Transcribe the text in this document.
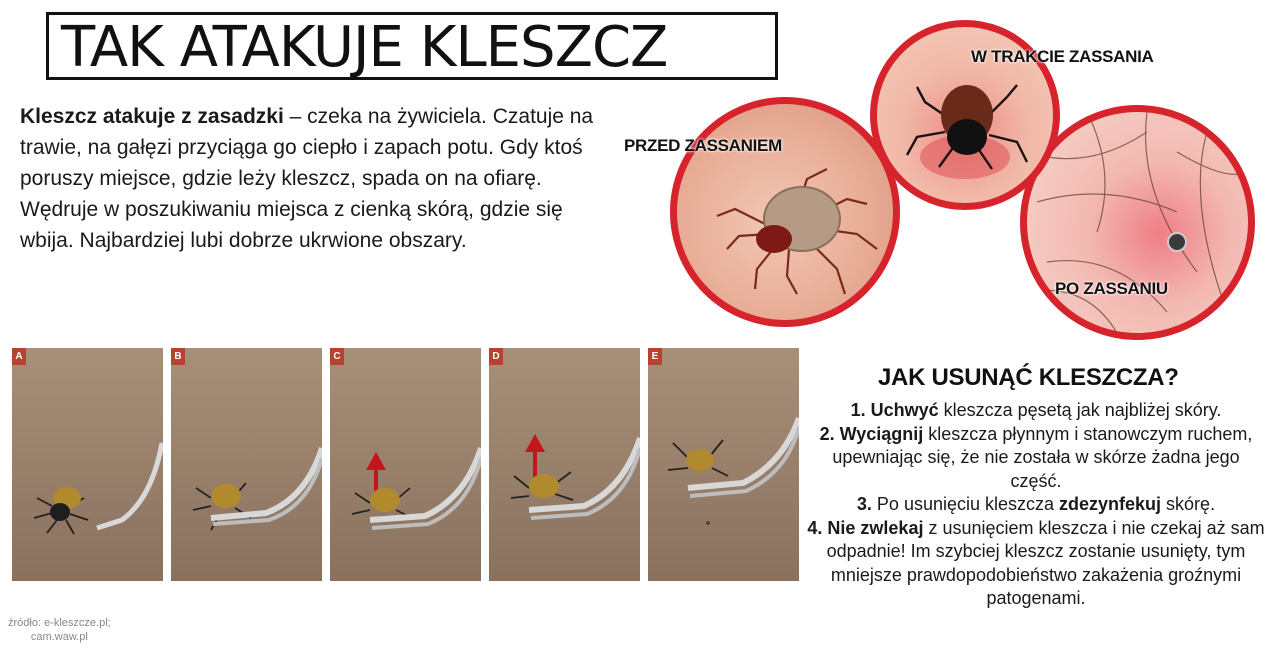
TAK ATAKUJE KLESZCZ
Kleszcz atakuje z zasadzki – czeka na żywiciela. Czatuje na trawie, na gałęzi przyciąga go ciepło i zapach potu. Gdy ktoś poruszy miejsce, gdzie leży kleszcz, spada on na ofiarę. Wędruje w poszukiwaniu miejsca z cienką skórą, gdzie się wbija. Najbardziej lubi dobrze ukrwione obszary.
PRZED ZASSANIEM
W TRAKCIE ZASSANIA
PO ZASSANIU
A	B	C	D	E
JAK USUNĄĆ KLESZCZA?

1. Uchwyć kleszcza pęsetą jak najbliżej skóry.

2. Wyciągnij kleszcza płynnym i stanowczym ruchem, upewniając się, że nie została w skórze żadna jego część.

3. Po usunięciu kleszcza zdezynfekuj skórę.

4. Nie zwlekaj z usunięciem kleszcza i nie czekaj aż sam odpadnie! Im szybciej kleszcz zostanie usunięty, tym mniejsze prawdopodobieństwo zakażenia groźnymi patogenami.

źródło: e-kleszcze.pl;
cam.waw.pl
